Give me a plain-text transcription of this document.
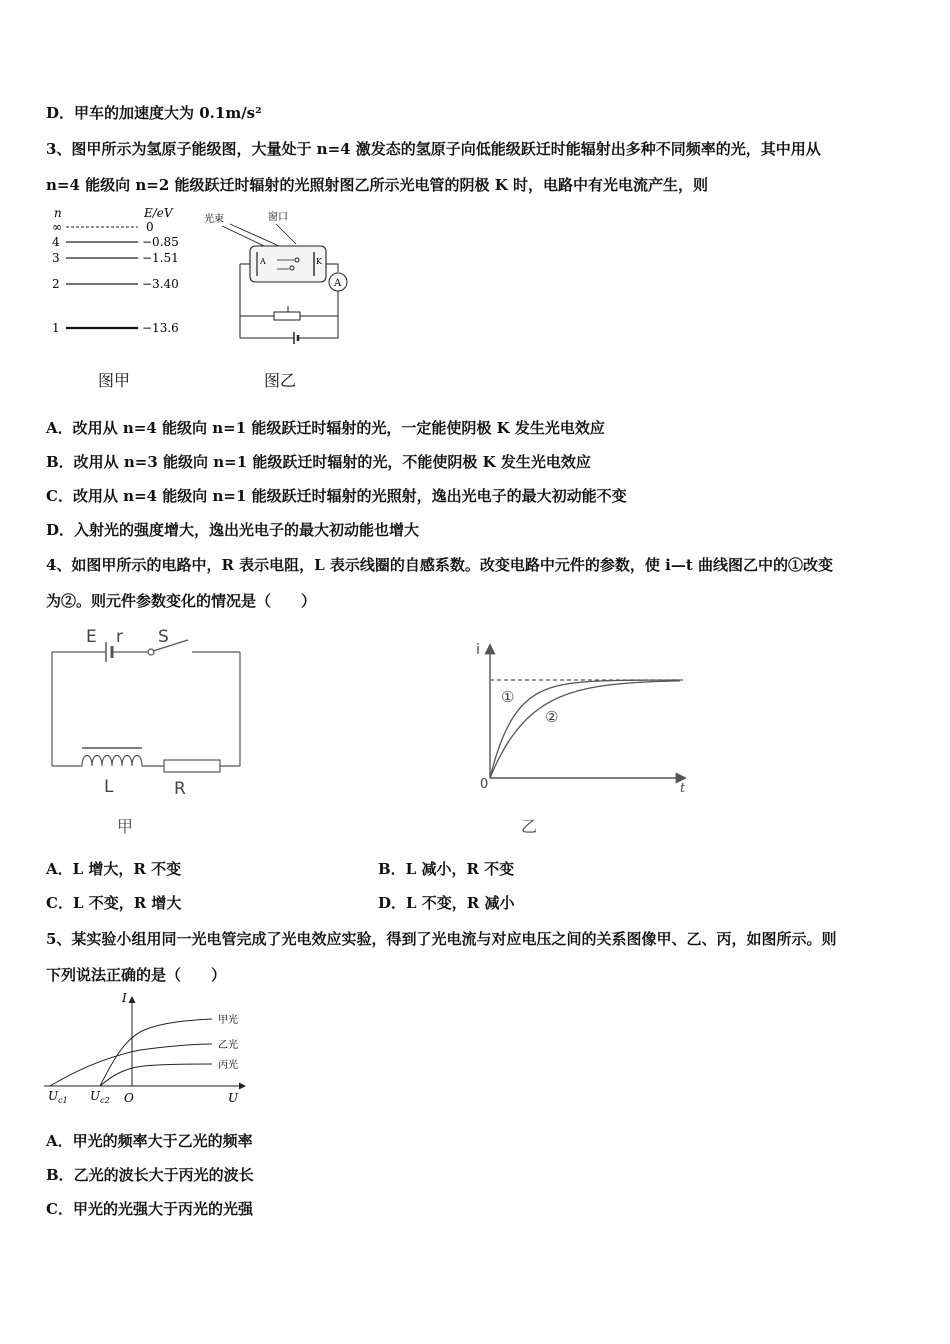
D．甲车的加速度大为 0.1m/s²
3、图甲所示为氢原子能级图，大量处于 n=4 激发态的氢原子向低能级跃迁时能辐射出多种不同频率的光，其中用从
n=4 能级向 n=2 能级跃迁时辐射的光照射图乙所示光电管的阴极 K 时，电路中有光电流产生，则
n	E/eV
∞	0
4	−0.85
3	−1.51
2	−3.40
1	−13.6
图甲
光束	窗口
A	K
A
图乙
A．改用从 n=4 能级向 n=1 能级跃迁时辐射的光，一定能使阴极 K 发生光电效应
B．改用从 n=3 能级向 n=1 能级跃迁时辐射的光，不能使阴极 K 发生光电效应
C．改用从 n=4 能级向 n=1 能级跃迁时辐射的光照射，逸出光电子的最大初动能不变
D．入射光的强度增大，逸出光电子的最大初动能也增大
4、如图甲所示的电路中，R 表示电阻，L 表示线圈的自感系数。改变电路中元件的参数，使 i—t 曲线图乙中的①改变
为②。则元件参数变化的情况是（　　）
E r S
L	R
甲
i
t
0
①
②
乙
A．L 增大，R 不变	B．L 减小，R 不变
C．L 不变，R 增大	D．L 不变，R 减小
5、某实验小组用同一光电管完成了光电效应实验，得到了光电流与对应电压之间的关系图像甲、乙、丙，如图所示。则
下列说法正确的是（　　）
I
U
O
$U_{c1}$ $U_{c2}$
甲光
乙光
丙光
A．甲光的频率大于乙光的频率
B．乙光的波长大于丙光的波长
C．甲光的光强大于丙光的光强
